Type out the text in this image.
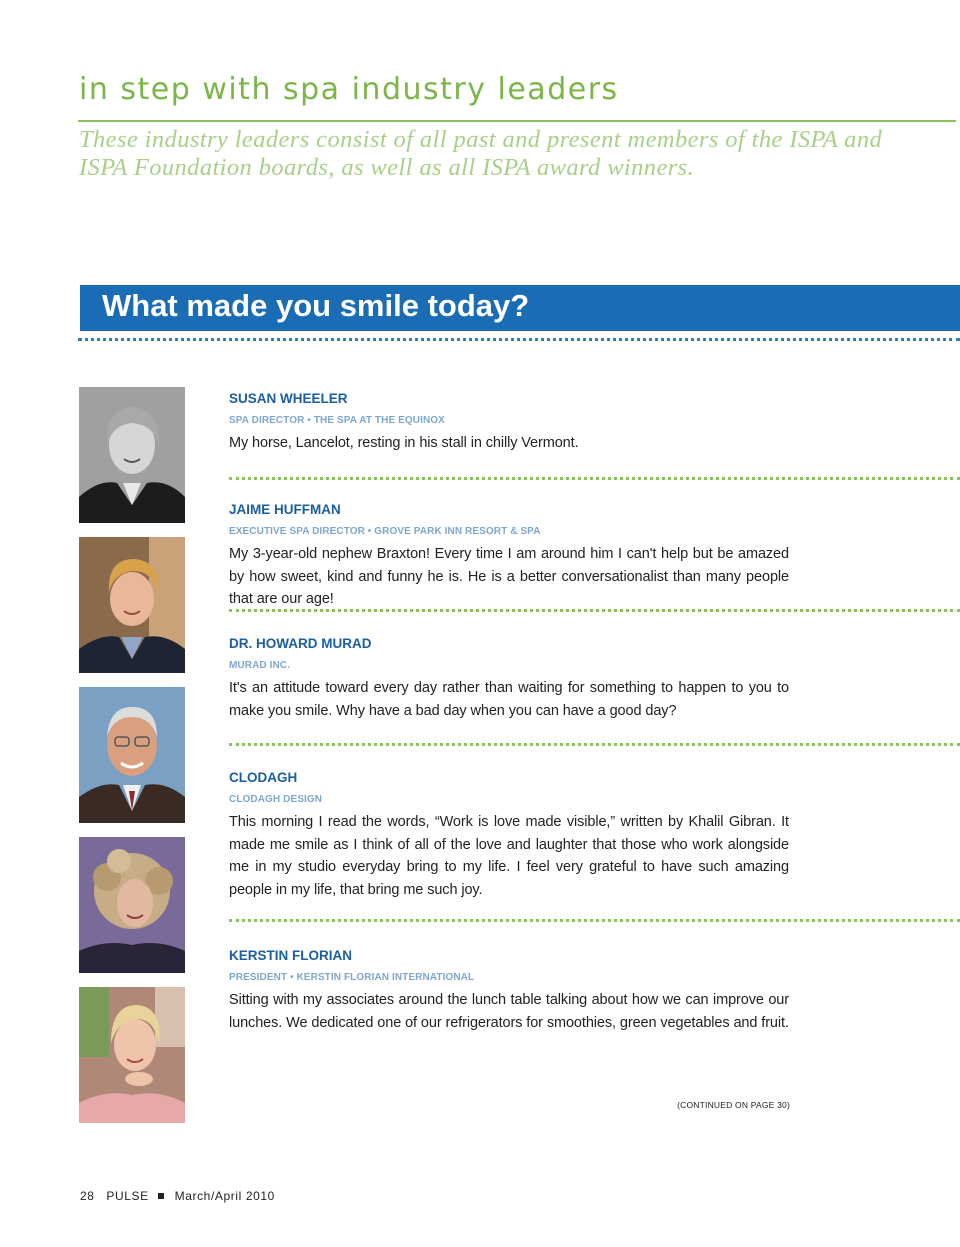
in step with spa industry leaders

These industry leaders consist of all past and present members of the ISPA and ISPA Foundation boards, as well as all ISPA award winners.

What made you smile today?
SUSAN WHEELER
SPA DIRECTOR • THE SPA AT THE EQUINOX
My horse, Lancelot, resting in his stall in chilly Vermont.
JAIME HUFFMAN
EXECUTIVE SPA DIRECTOR • GROVE PARK INN RESORT & SPA
My 3-year-old nephew Braxton! Every time I am around him I can't help but be amazed by how sweet, kind and funny he is. He is a better conversationalist than many people that are our age!
DR. HOWARD MURAD
MURAD INC.
It's an attitude toward every day rather than waiting for something to happen to you to make you smile. Why have a bad day when you can have a good day?
CLODAGH
CLODAGH DESIGN
This morning I read the words, “Work is love made visible,” written by Khalil Gibran. It made me smile as I think of all of the love and laughter that those who work alongside me in my studio everyday bring to my life. I feel very grateful to have such amazing people in my life, that bring me such joy.
KERSTIN FLORIAN
PRESIDENT • KERSTIN FLORIAN INTERNATIONAL
Sitting with my associates around the lunch table talking about how we can improve our lunches. We dedicated one of our refrigerators for smoothies, green vegetables and fruit.
(CONTINUED ON PAGE 30)
28 PULSE March/April 2010
